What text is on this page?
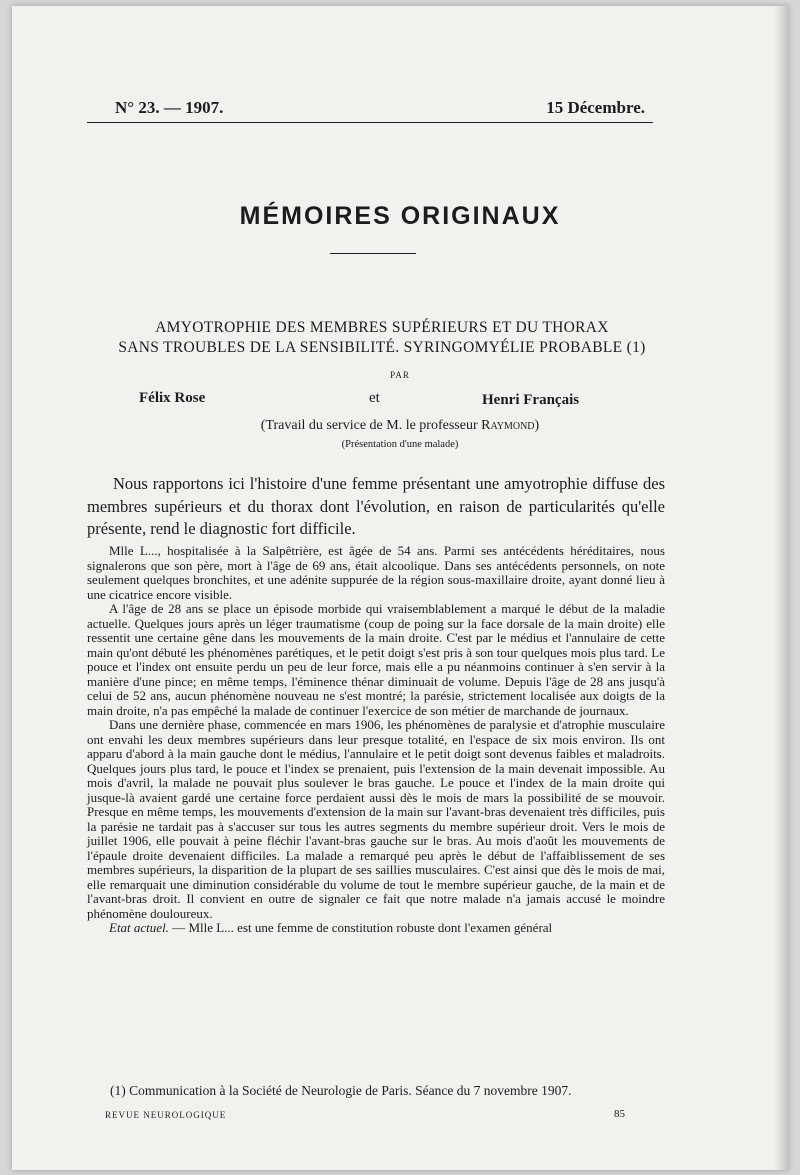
N° 23. — 1907.	15 Décembre.
MÉMOIRES ORIGINAUX
AMYOTROPHIE DES MEMBRES SUPÉRIEURS ET DU THORAX
SANS TROUBLES DE LA SENSIBILITÉ. SYRINGOMYÉLIE PROBABLE (1)
PAR
Félix Rose	et	Henri Français
(Travail du service de M. le professeur Raymond)
(Présentation d'une malade)
Nous rapportons ici l'histoire d'une femme présentant une amyotrophie diffuse des membres supérieurs et du thorax dont l'évolution, en raison de particularités qu'elle présente, rend le diagnostic fort difficile.

Mlle L..., hospitalisée à la Salpêtrière, est âgée de 54 ans. Parmi ses antécédents héréditaires, nous signalerons que son père, mort à l'âge de 69 ans, était alcoolique. Dans ses antécédents personnels, on note seulement quelques bronchites, et une adénite suppurée de la région sous-maxillaire droite, ayant donné lieu à une cicatrice encore visible.

A l'âge de 28 ans se place un épisode morbide qui vraisemblablement a marqué le début de la maladie actuelle. Quelques jours après un léger traumatisme (coup de poing sur la face dorsale de la main droite) elle ressentit une certaine gêne dans les mouvements de la main droite. C'est par le médius et l'annulaire de cette main qu'ont débuté les phénomènes parétiques, et le petit doigt s'est pris à son tour quelques mois plus tard. Le pouce et l'index ont ensuite perdu un peu de leur force, mais elle a pu néanmoins continuer à s'en servir à la manière d'une pince; en même temps, l'éminence thénar diminuait de volume. Depuis l'âge de 28 ans jusqu'à celui de 52 ans, aucun phénomène nouveau ne s'est montré; la parésie, strictement localisée aux doigts de la main droite, n'a pas empêché la malade de continuer l'exercice de son métier de marchande de journaux.

Dans une dernière phase, commencée en mars 1906, les phénomènes de paralysie et d'atrophie musculaire ont envahi les deux membres supérieurs dans leur presque totalité, en l'espace de six mois environ. Ils ont apparu d'abord à la main gauche dont le médius, l'annulaire et le petit doigt sont devenus faibles et maladroits. Quelques jours plus tard, le pouce et l'index se prenaient, puis l'extension de la main devenait impossible. Au mois d'avril, la malade ne pouvait plus soulever le bras gauche. Le pouce et l'index de la main droite qui jusque-là avaient gardé une certaine force perdaient aussi dès le mois de mars la possibilité de se mouvoir. Presque en même temps, les mouvements d'extension de la main sur l'avant-bras devenaient très difficiles, puis la parésie ne tardait pas à s'accuser sur tous les autres segments du membre supérieur droit. Vers le mois de juillet 1906, elle pouvait à peine fléchir l'avant-bras gauche sur le bras. Au mois d'août les mouvements de l'épaule droite devenaient difficiles. La malade a remarqué peu après le début de l'affaiblissement de ses membres supérieurs, la disparition de la plupart de ses saillies musculaires. C'est ainsi que dès le mois de mai, elle remarquait une diminution considérable du volume de tout le membre supérieur gauche, de la main et de l'avant-bras droit. Il convient en outre de signaler ce fait que notre malade n'a jamais accusé le moindre phénomène douloureux.

Etat actuel. — Mlle L... est une femme de constitution robuste dont l'examen général

(1) Communication à la Société de Neurologie de Paris. Séance du 7 novembre 1907.
REVUE NEUROLOGIQUE	85
